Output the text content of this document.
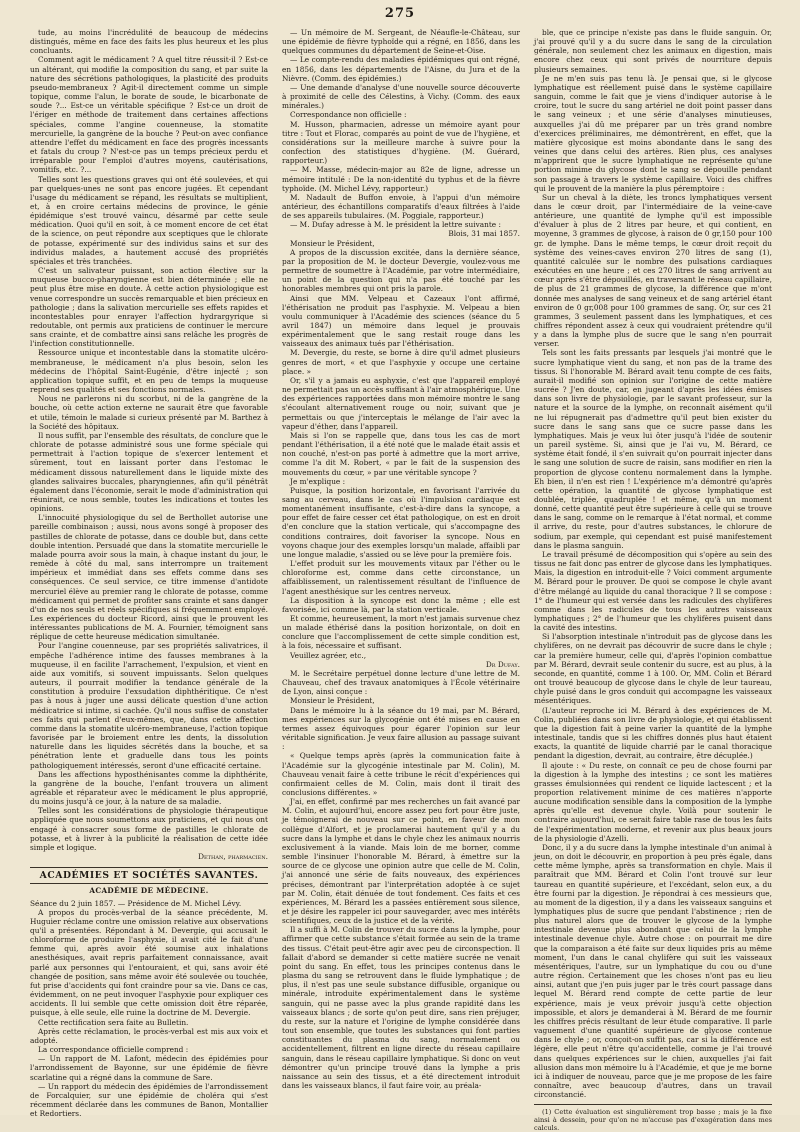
275

tude, au moins l'incrédulité de beaucoup de médecins distingués, même en face des faits les plus heureux et les plus concluants.

Comment agit le médicament ? A quel titre réussit-il ? Est-ce un altérant, qui modifie la composition du sang, et par suite la nature des sécrétions pathologiques, la plasticité des produits pseudo-membraneux ? Agit-il directement comme un simple topique, comme l'alun, le borate de soude, le bicarbonate de soude ?... Est-ce un véritable spécifique ? Est-ce un droit de l'ériger en méthode de traitement dans certaines affections spéciales, comme l'angine couenneuse, la stomatite mercurielle, la gangrène de la bouche ? Peut-on avec confiance attendre l'effet du médicament en face des progrès incessants et fatals du croup ? N'est-ce pas un temps précieux perdu et irréparable pour l'emploi d'autres moyens, cautérisations, vomitifs, etc. ?...

Telles sont les questions graves qui ont été soulevées, et qui par quelques-unes ne sont pas encore jugées. Et cependant l'usage du médicament se répand, les résultats se multiplient, et, à en croire certains médecins de province, le génie épidémique s'est trouvé vaincu, désarmé par cette seule médication. Quoi qu'il en soit, à ce moment encore de cet état de la science, on peut répondre aux sceptiques que le chlorate de potasse, expérimenté sur des individus sains et sur des individus malades, a hautement accusé des propriétés spéciales et très tranchées.

C'est un salivateur puissant, son action élective sur la muqueuse bucco-pharyngienne est bien déterminée ; elle ne peut plus être mise en doute. À cette action physiologique est venue correspondre un succès remarquable et bien précieux en pathologie ; dans la salivation mercurielle ses effets rapides et incontestables pour enrayer l'affection hydrargyrique si redoutable, ont permis aux praticiens de continuer le mercure sans crainte, et de combattre ainsi sans relâche les progrès de l'infection constitutionnelle.

Ressource unique et incontestable dans la stomatite ulcéro-membraneuse, le médicament n'a plus besoin, selon les médecins de l'hôpital Saint-Eugénie, d'être injecté ; son application topique suffit, et en peu de temps la muqueuse reprend ses qualités et ses fonctions normales.

Nous ne parlerons ni du scorbut, ni de la gangrène de la bouche, où cette action externe ne saurait être que favorable et utile, témoin le malade si curieux présenté par M. Barthez à la Société des hôpitaux.

Il nous suffit, par l'ensemble des résultats, de conclure que le chlorate de potasse administré sous une forme spéciale qui permettrait à l'action topique de s'exercer lentement et sûrement, tout en laissant porter dans l'estomac le médicament dissous naturellement dans le liquide mixte des glandes salivaires buccales, pharyngiennes, afin qu'il pénétrât également dans l'économie, serait le mode d'administration qui réunirait, ce nous semble, toutes les indications et toutes les opinions.

L'innocuité physiologique du sel de Berthollet autorise une pareille combinaison ; aussi, nous avons songé à proposer des pastilles de chlorate de potasse, dans ce double but, dans cette double intention. Persuadé que dans la stomatite mercurielle le malade pourra avoir sous la main, à chaque instant du jour, le remède à côté du mal, sans interrompre un traitement impérieux et immédiat dans ses effets comme dans ses conséquences. Ce seul service, ce titre immense d'antidote mercuriel élève au premier rang le chlorate de potasse, comme médicament qui permet de profiter sans crainte et sans danger d'un de nos seuls et réels spécifiques si fréquemment employé. Les expériences du docteur Ricord, ainsi que le prouvent les intéressantes publications de M. A. Fournier, témoignent sans réplique de cette heureuse médication simultanée.

Pour l'angine couenneuse, par ses propriétés salivatrices, il empêche l'adhérence intime des fausses membranes à la muqueuse, il en facilite l'arrachement, l'expulsion, et vient en aide aux vomitifs, si souvent impuissants. Selon quelques auteurs, il pourrait modifier la tendance générale de la constitution à produire l'exsudation diphthéritique. Ce n'est pas à nous à juger une aussi délicate question d'une action médicatrice si intime, si cachée. Qu'il nous suffise de constater ces faits qui parlent d'eux-mêmes, que, dans cette affection comme dans la stomatite ulcéro-membraneuse, l'action topique favorisée par le broiement entre les dents, la dissolution naturelle dans les liquides sécrétés dans la bouche, et sa pénétration lente et graduelle dans tous les points pathologiquement intéressés, seront d'une efficacité certaine.

Dans les affections hyposthénisantes comme la diphthérite, la gangrène de la bouche, l'enfant trouvera un aliment agréable et réparateur avec le médicament le plus approprié, du moins jusqu'à ce jour, à la nature de sa maladie.

Telles sont les considérations de physiologie thérapeutique appliquée que nous soumettons aux praticiens, et qui nous ont engagé à consacrer sous forme de pastilles le chlorate de potasse, et à livrer à la publicité la réalisation de cette idée simple et logique.

Dethan, pharmacien.

ACADÉMIES ET SOCIÉTÉS SAVANTES.
ACADÉMIE DE MÉDECINE.

Séance du 2 juin 1857. — Présidence de M. Michel Lévy.

A propos du procès-verbal de la séance précédente, M. Huguier réclame contre une omission relative aux observations qu'il a présentées. Répondant à M. Devergie, qui accusait le chloroforme de produire l'asphyxie, il avait cité le fait d'une femme qui, après avoir été soumise aux inhalations anesthésiques, avait repris parfaitement connaissance, avait parlé aux personnes qui l'entouraient, et qui, sans avoir été changée de position, sans même avoir été soulevée ou touchée, fut prise d'accidents qui font craindre pour sa vie. Dans ce cas, évidemment, on ne peut invoquer l'asphyxie pour expliquer ces accidents. Il lui semble que cette omission doit être réparée, puisque, à elle seule, elle ruine la doctrine de M. Devergie.

Cette rectification sera faite au Bulletin.

Après cette réclamation, le procès-verbal est mis aux voix et adopté.

La correspondance officielle comprend :

— Un rapport de M. Lafont, médecin des épidémies pour l'arrondissement de Bayonne, sur une épidémie de fièvre scarlatine qui a régné dans la commune de Sare.

— Un rapport du médecin des épidémies de l'arrondissement de Forcalquier, sur une épidémie de choléra qui s'est récemment déclarée dans les communes de Banon, Montallier et Redortiers.

— Un mémoire de M. Sergeant, de Néaufle-le-Château, sur une épidémie de fièvre typhoïde qui a régné, en 1856, dans les quelques communes du département de Seine-et-Oise.

— Le compte-rendu des maladies épidémiques qui ont régné, en 1856, dans les départements de l'Aisne, du Jura et de la Nièvre. (Comm. des épidémies.)

— Une demande d'analyse d'une nouvelle source découverte à proximité de celle des Célestins, à Vichy. (Comm. des eaux minérales.)

Correspondance non officielle :

M. Husson, pharmacien, adresse un mémoire ayant pour titre : Tout et Florac, comparés au point de vue de l'hygiène, et considérations sur la meilleure marche à suivre pour la confection des statistiques d'hygiène. (M. Guérard, rapporteur.)

— M. Masse, médecin-major au 82e de ligne, adresse un mémoire intitulé : De la non-identité du typhus et de la fièvre typhoïde. (M. Michel Lévy, rapporteur.)

M. Nadault de Buffon envoie, à l'appui d'un mémoire antérieur, des échantillons comparatifs d'eaux filtrées à l'aide de ses appareils tubulaires. (M. Poggiale, rapporteur.)

— M. Dufay adresse à M. le président la lettre suivante :

Blois, 31 mai 1857.

Monsieur le Président,

A propos de la discussion excitée, dans la dernière séance, par la proposition de M. le docteur Devergie, voulez-vous me permettre de soumettre à l'Académie, par votre intermédiaire, un point de la question qui n'a pas été touché par les honorables membres qui ont pris la parole.

Ainsi que MM. Velpeau et Cazeaux l'ont affirmé, l'éthérisation ne produit pas l'asphyxie. M. Velpeau a bien voulu communiquer à l'Académie des sciences (séance du 5 avril 1847) un mémoire dans lequel je prouvais expérimentalement que le sang restait rouge dans les vaisseaux des animaux tués par l'éthérisation.

M. Devergie, du reste, se borne à dire qu'il admet plusieurs genres de mort, « et que l'asphyxie y occupe une certaine place. »

Or, s'il y a jamais eu asphyxie, c'est que l'appareil employé ne permettait pas un accès suffisant à l'air atmosphérique. Une des expériences rapportées dans mon mémoire montre le sang s'écoulant alternativement rouge ou noir, suivant que je permettais ou que j'interceptais le mélange de l'air avec la vapeur d'éther, dans l'appareil.

Mais si l'on se rappelle que, dans tous les cas de mort pendant l'éthérisation, il a été noté que le malade était assis et non couché, n'est-on pas porté à admettre que la mort arrive, comme l'a dit M. Robert, « par le fait de la suspension des mouvements du cœur, » par une véritable syncope ?

Je m'explique :

Puisque, la position horizontale, en favorisant l'arrivée du sang au cerveau, dans le cas où l'impulsion cardiaque est momentanément insuffisante, c'est-à-dire dans la syncope, a pour effet de faire cesser cet état pathologique, on est en droit d'en conclure que la station verticale, qui s'accompagne des conditions contraires, doit favoriser la syncope. Nous en voyons chaque jour des exemples lorsqu'un malade, affaibli par une longue maladie, s'assied ou se lève pour la première fois.

L'effet produit sur les mouvements vitaux par l'éther ou le chloroforme est, comme dans cette circonstance, un affaiblissement, un ralentissement résultant de l'influence de l'agent anesthésique sur les centres nerveux.

La disposition à la syncope est donc la même ; elle est favorisée, ici comme là, par la station verticale.

Et comme, heureusement, la mort n'est jamais survenue chez un malade éthérisé dans la position horizontale, on doit en conclure que l'accomplissement de cette simple condition est, à la fois, nécessaire et suffisant.

Veuillez agréer, etc.,

Dr Dufay.

M. le Secrétaire perpétuel donne lecture d'une lettre de M. Chauveau, chef des travaux anatomiques à l'École vétérinaire de Lyon, ainsi conçue :

Monsieur le Président,

Dans le mémoire lu à la séance du 19 mai, par M. Bérard, mes expériences sur la glycogénie ont été mises en cause en termes assez équivoques pour égarer l'opinion sur leur véritable signification. Je veux faire allusion au passage suivant :

« Quelque temps après (après la communication faite à l'Académie sur la glycogénie intestinale par M. Colin), M. Chauveau venait faire à cette tribune le récit d'expériences qui confirmaient celles de M. Colin, mais dont il tirait des conclusions différentes. »

J'ai, en effet, confirmé par mes recherches un fait avancé par M. Colin, et aujourd'hui, encore assez peu fort pour être juste, je témoignerai de nouveau sur ce point, en faveur de mon collègue d'Alfort, et je proclamerai hautement qu'il y a du sucre dans la lymphe et dans le chyle chez les animaux nourris exclusivement à la viande. Mais loin de me borner, comme semble l'insinuer l'honorable M. Bérard, à émettre sur la source de ce glycose une opinion autre que celle de M. Colin, j'ai annoncé une série de faits nouveaux, des expériences précises, démontrant par l'interprétation adoptée à ce sujet par M. Colin, était dénuée de tout fondement. Ces faits et ces expériences, M. Bérard les a passées entièrement sous silence, et je désire les rappeler ici pour sauvegarder, avec mes intérêts scientifiques, ceux de la justice et de la vérité.

Il a suffi à M. Colin de trouver du sucre dans la lymphe, pour affirmer que cette substance s'était formée au sein de la trame des tissus. C'était peut-être agir avec peu de circonspection. Il fallait d'abord se demander si cette matière sucrée ne venait point du sang. En effet, tous les principes contenus dans le plasma du sang se retrouvent dans le fluide lymphatique ; de plus, il n'est pas une seule substance diffusible, organique ou minérale, introduite expérimentalement dans le système sanguin, qui ne passe avec la plus grande rapidité dans les vaisseaux blancs ; de sorte qu'on peut dire, sans rien préjuger, du reste, sur la nature et l'origine de lymphe considérée dans tout son ensemble, que toutes les substances qui font parties constituantes du plasma du sang, normalement ou accidentellement, filtrent en ligne directe du réseau capillaire sanguin, dans le réseau capillaire lymphatique. Si donc on veut démontrer qu'un principe trouvé dans la lymphe a pris naissance au sein des tissus, et a été directement introduit dans les vaisseaux blancs, il faut faire voir, au préala-

ble, que ce principe n'existe pas dans le fluide sanguin. Or, j'ai prouvé qu'il y a du sucre dans le sang de la circulation générale, non seulement chez les animaux en digestion, mais encore chez ceux qui sont privés de nourriture depuis plusieurs semaines.

Je ne m'en suis pas tenu là. Je pensai que, si le glycose lymphatique est réellement puisé dans le système capillaire sanguin, comme le fait que je viens d'indiquer autorise à le croire, tout le sucre du sang artériel ne doit point passer dans le sang veineux ; et une série d'analyses minutieuses, auxquelles j'ai dû me préparer par un très grand nombre d'exercices préliminaires, me démontrèrent, en effet, que la matière glycosique est moins abondante dans le sang des veines que dans celui des artères. Rien plus, ces analyses m'apprirent que le sucre lymphatique ne représente qu'une portion minime du glycose dont le sang se dépouille pendant son passage à travers le système capillaire. Voici des chiffres qui le prouvent de la manière la plus péremptoire :

Sur un cheval à la diète, les troncs lymphatiques versent dans le cœur droit, par l'intermédiaire de la veine-cave antérieure, une quantité de lymphe qu'il est impossible d'évaluer à plus de 2 litres par heure, et qui contient, en moyenne, 3 grammes de glycose, à raison de 0 gr,150 pour 100 gr. de lymphe. Dans le même temps, le cœur droit reçoit du système des veines-caves environ 270 litres de sang (1), quantité calculée sur le nombre des pulsations cardiaques exécutées en une heure ; et ces 270 litres de sang arrivent au cœur après s'être dépouillés, en traversant le réseau capillaire, de plus de 21 grammes de glycose, la différence que m'ont donnée mes analyses de sang veineux et de sang artériel étant environ de 0 gr,008 pour 100 grammes de sang. Or, sur ces 21 grammes, 3 seulement passent dans les lymphatiques, et ces chiffres répondent assez à ceux qui voudraient prétendre qu'il y a dans la lymphe plus de sucre que le sang n'en pourrait verser.

Tels sont les faits pressants par lesquels j'ai montré que le sucre lymphatique vient du sang, et non pas de la trame des tissus. Si l'honorable M. Bérard avait tenu compte de ces faits, aurait-il modifié son opinion sur l'origine de cette matière sucrée ? J'en doute, car, en jugeant d'après les idées émises dans son livre de physiologie, par le savant professeur, sur la nature et la source de la lymphe, on reconnaît aisément qu'il ne lui répugnerait pas d'admettre qu'il peut bien exister du sucre dans le sang sans que ce sucre passe dans les lymphatiques. Mais je veux lui ôter jusqu'à l'idée de soutenir un pareil système. Si, ainsi que je l'ai vu, M. Bérard, ce système était fondé, il s'en suivrait qu'on pourrait injecter dans le sang une solution de sucre de raisin, sans modifier en rien la proportion de glycose contenu normalement dans la lymphe. Eh bien, il n'en est rien ! L'expérience m'a démontré qu'après cette opération, la quantité de glycose lymphatique est doublée, triplée, quadruplée ! et même, qu'à un moment donné, cette quantité peut être supérieure à celle qui se trouve dans le sang, comme on le remarque à l'état normal, et comme il arrive, du reste, pour d'autres substances, le chlorure de sodium, par exemple, qui cependant est puisé manifestement dans le plasma sanguin.

Le travail présumé de décomposition qui s'opère au sein des tissus ne fait donc pas entrer de glycose dans les lymphatiques. Mais, la digestion en introduit-elle ? Voici comment argumente M. Bérard pour le prouver. De quoi se compose le chyle avant d'être mélangé au liquide du canal thoracique ? Il se compose : 1° de l'humeur qui est versée dans les radicules des chylifères comme dans les radicules de tous les autres vaisseaux lymphatiques ; 2° de l'humeur que les chylifères puisent dans la cavité des intestins.

Si l'absorption intestinale n'introduit pas de glycose dans les chylifères, on ne devrait pas découvrir de sucre dans le chyle ; car la première humeur, celle qui, d'après l'opinion combattue par M. Bérard, devrait seule contenir du sucre, est au plus, à la seconde, en quantité, comme 1 à 100. Or, MM. Colin et Bérard ont trouvé beaucoup de glycose dans le chyle de leur taureau, chyle puisé dans le gros conduit qui accompagne les vaisseaux mésentériques.

(L'auteur reproche ici M. Bérard à des expériences de M. Colin, publiées dans son livre de physiologie, et qui établissent que la digestion fait à peine varier la quantité de la lymphe intestinale, tandis que si les chiffres donnés plus haut étaient exacts, la quantité de liquide charrié par le canal thoracique pendant la digestion, devrait, au contraire, être décuplée.)

Il ajoute : « Du reste, on connaît ce peu de chose fourni par la digestion à la lymphe des intestins ; ce sont les matières grasses émulsionnées qui rendent ce liquide lactescent ; et la proportion relativement minime de ces matières n'apporte aucune modification sensible dans la composition de la lymphe après qu'elle est devenue chyle. Voilà pour soutenir le contraire aujourd'hui, ce serait faire table rase de tous les faits de l'expérimentation moderne, et revenir aux plus beaux jours de la physiologie d'Azelli.

Donc, il y a du sucre dans la lymphe intestinale d'un animal à jeun, on doit le découvrir, en proportion à peu près égale, dans cette même lymphe, après sa transformation en chyle. Mais il paraîtrait que MM. Bérard et Colin l'ont trouvé sur leur taureau en quantité supérieure, et l'excédant, selon eux, a du être fourni par la digestion. Je répondrai à ces messieurs que, au moment de la digestion, il y a dans les vaisseaux sanguins et lymphatiques plus de sucre que pendant l'abstinence ; rien de plus naturel alors que de trouver le glycose de la lymphe intestinale devenue plus abondant que celui de la lymphe intestinale devenue chyle. Autre chose : on pourrait me dire que la comparaison a été faite sur deux liquides pris au même moment, l'un dans le canal chylifère qui suit les vaisseaux mésentériques, l'autre, sur un lymphatique du cou ou d'une autre région. Certainement que les choses n'ont pas eu lieu ainsi, autant que j'en puis juger par le très court passage dans lequel M. Bérard rend compte de cette partie de leur expérience, mais je veux prévoir jusqu'à cette objection impossible, et alors je demanderai à M. Bérard de me fournir les chiffres précis résultant de leur étude comparative. Il parle vaguement d'une quantité supérieure de glycose contenue dans le chyle ; or, conçoit-on suffit pas, car si la différence est légère, elle peut n'être qu'accidentelle, comme je l'ai trouvé dans quelques expériences sur le chien, auxquelles j'ai fait allusion dans mon mémoire lu à l'Académie, et que je me borne ici à indiquer de nouveau, parce que je me propose de les faire connaître, avec beaucoup d'autres, dans un travail circonstancié.

(1) Cette évaluation est singulièrement trop basse ; mais je la fixe ainsi à dessein, pour qu'on ne m'accuse pas d'exagération dans mes calculs.
